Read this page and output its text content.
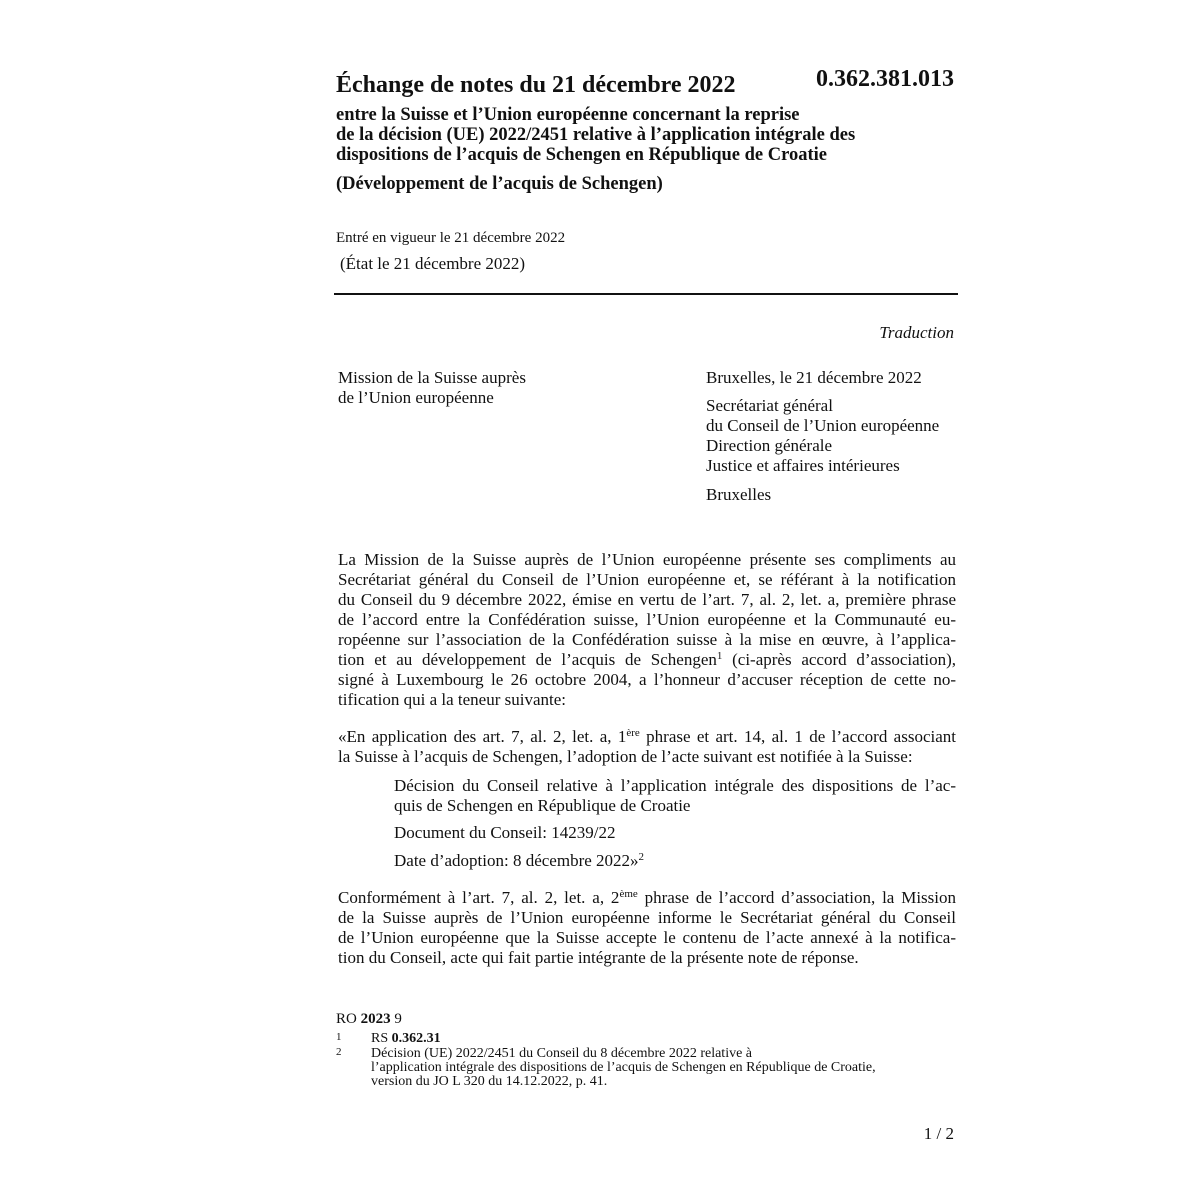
Échange de notes du 21 décembre 2022	0.362.381.013
entre la Suisse et l’Union européenne concernant la reprise
de la décision (UE) 2022/2451 relative à l’application intégrale des
dispositions de l’acquis de Schengen en République de Croatie
(Développement de l’acquis de Schengen)
Entré en vigueur le 21 décembre 2022
(État le 21 décembre 2022)
Traduction
Mission de la Suisse auprès
de l’Union européenne
Bruxelles, le 21 décembre 2022
Secrétariat général
du Conseil de l’Union européenne
Direction générale
Justice et affaires intérieures
Bruxelles
La Mission de la Suisse auprès de l’Union européenne présente ses compliments au
Secrétariat général du Conseil de l’Union européenne et, se référant à la notification
du Conseil du 9 décembre 2022, émise en vertu de l’art. 7, al. 2, let. a, première phrase
de l’accord entre la Confédération suisse, l’Union européenne et la Communauté eu-
ropéenne sur l’association de la Confédération suisse à la mise en œuvre, à l’applica-
tion et au développement de l’acquis de Schengen$^1$ (ci-après accord d’association),
signé à Luxembourg le 26 octobre 2004, a l’honneur d’accuser réception de cette no-
tification qui a la teneur suivante:
«En application des art. 7, al. 2, let. a, 1ère phrase et art. 14, al. 1 de l’accord associant
la Suisse à l’acquis de Schengen, l’adoption de l’acte suivant est notifiée à la Suisse:
Décision du Conseil relative à l’application intégrale des dispositions de l’ac-
quis de Schengen en République de Croatie
Document du Conseil: 14239/22
Date d’adoption: 8 décembre 2022»$^2$
Conformément à l’art. 7, al. 2, let. a, 2ème phrase de l’accord d’association, la Mission
de la Suisse auprès de l’Union européenne informe le Secrétariat général du Conseil
de l’Union européenne que la Suisse accepte le contenu de l’acte annexé à la notifica-
tion du Conseil, acte qui fait partie intégrante de la présente note de réponse.
RO 2023 9
1 RS 0.362.31
2 Décision (UE) 2022/2451 du Conseil du 8 décembre 2022 relative à
l’application intégrale des dispositions de l’acquis de Schengen en République de Croatie,
version du JO L 320 du 14.12.2022, p. 41.
1 / 2
